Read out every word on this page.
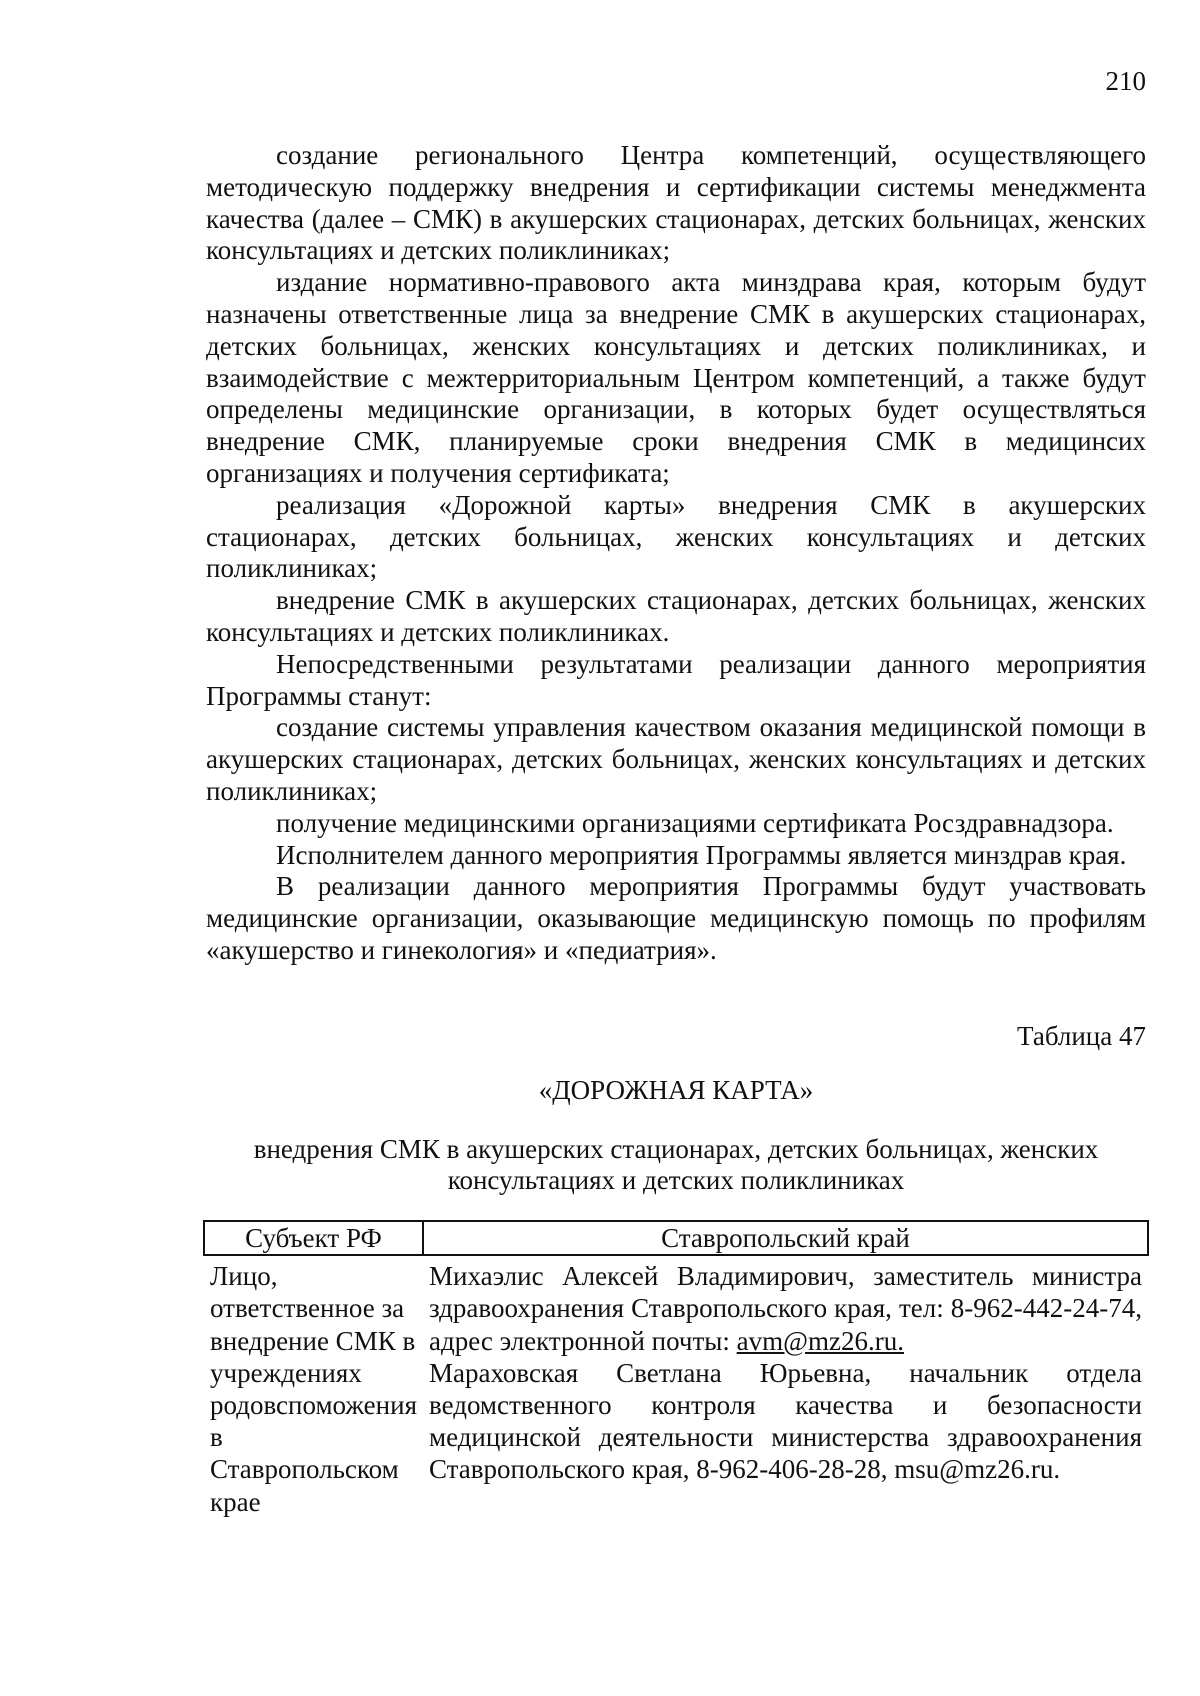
210

создание регионального Центра компетенций, осуществляющего методическую поддержку внедрения и сертификации системы менеджмента качества (далее – СМК) в акушерских стационарах, детских больницах, женских консультациях и детских поликлиниках;

издание нормативно-правового акта минздрава края, которым будут назначены ответственные лица за внедрение СМК в акушерских стационарах, детских больницах, женских консультациях и детских поликлиниках, и взаимодействие с межтерриториальным Центром компетенций, а также будут определены медицинские организации, в которых будет осуществляться внедрение СМК, планируемые сроки внедрения СМК в медицинсих организациях и получения сертификата;

реализация «Дорожной карты» внедрения СМК в акушерских стационарах, детских больницах, женских консультациях и детских поликлиниках;

внедрение СМК в акушерских стационарах, детских больницах, женских консультациях и детских поликлиниках.

Непосредственными результатами реализации данного мероприятия Программы станут:

создание системы управления качеством оказания медицинской помощи в акушерских стационарах, детских больницах, женских консультациях и детских поликлиниках;

получение медицинскими организациями сертификата Росздравнадзора.

Исполнителем данного мероприятия Программы является минздрав края.

В реализации данного мероприятия Программы будут участвовать медицинские организации, оказывающие медицинскую помощь по профилям «акушерство и гинекология» и «педиатрия».

Таблица 47
«ДОРОЖНАЯ КАРТА»
внедрения СМК в акушерских стационарах, детских больницах, женских
консультациях и детских поликлиниках
Субъект РФ	Ставропольский край
Лицо, ответственное за внедрение СМК в учреждениях родовспоможения в Ставропольском крае	Михаэлис Алексей Владимирович, заместитель министра здравоохранения Ставропольского края, тел: 8-962-442-24-74, адрес электронной почты: avm@mz26.ru.

Мараховская Светлана Юрьевна, начальник отдела ведомственного контроля качества и безопасности медицинской деятельности министерства здравоохранения Ставропольского края, 8-962-406-28-28, msu@mz26.ru.
